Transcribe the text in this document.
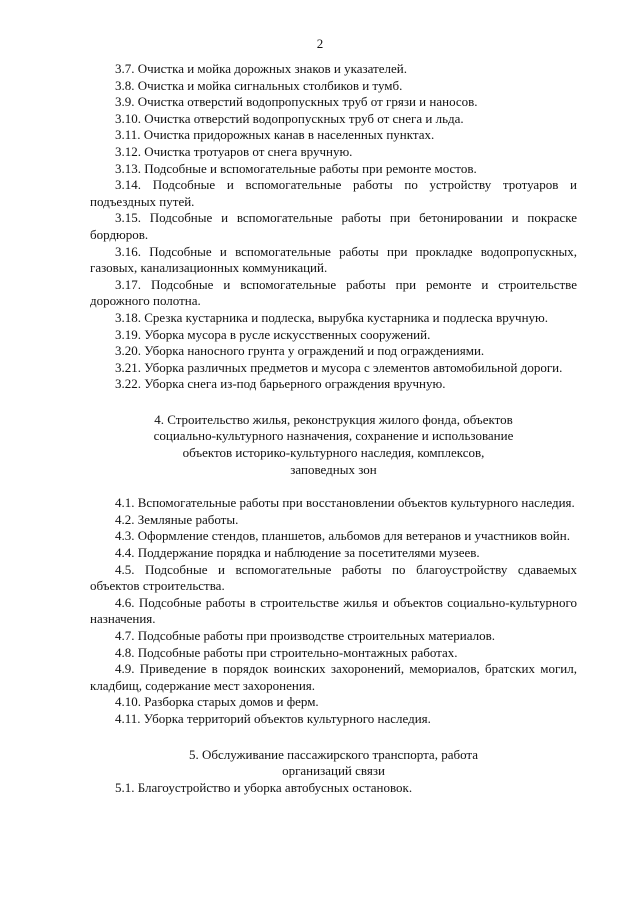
2

3.7. Очистка и мойка дорожных знаков и указателей.

3.8. Очистка и мойка сигнальных столбиков и тумб.

3.9. Очистка отверстий водопропускных труб от грязи и наносов.

3.10. Очистка отверстий водопропускных труб от снега и льда.

3.11. Очистка придорожных канав в населенных пунктах.

3.12. Очистка тротуаров от снега вручную.

3.13. Подсобные и вспомогательные работы при ремонте мостов.

3.14. Подсобные и вспомогательные работы по устройству тротуаров и подъездных путей.

3.15. Подсобные и вспомогательные работы при бетонировании и покраске бордюров.

3.16. Подсобные и вспомогательные работы при прокладке водопропускных, газовых, канализационных коммуникаций.

3.17. Подсобные и вспомогательные работы при ремонте и строительстве дорожного полотна.

3.18. Срезка кустарника и подлеска, вырубка кустарника и подлеска вручную.

3.19. Уборка мусора в русле искусственных сооружений.

3.20. Уборка наносного грунта у ограждений и под ограждениями.

3.21. Уборка различных предметов и мусора с элементов автомобильной дороги.

3.22. Уборка снега из-под барьерного ограждения вручную.

4. Строительство жилья, реконструкция жилого фонда, объектов
социально-культурного назначения, сохранение и использование
объектов историко-культурного наследия, комплексов,
заповедных зон

4.1. Вспомогательные работы при восстановлении объектов культурного наследия.

4.2. Земляные работы.

4.3. Оформление стендов, планшетов, альбомов для ветеранов и участников войн.

4.4. Поддержание порядка и наблюдение за посетителями музеев.

4.5. Подсобные и вспомогательные работы по благоустройству сдаваемых объектов строительства.

4.6. Подсобные работы в строительстве жилья и объектов социально-культурного назначения.

4.7. Подсобные работы при производстве строительных материалов.

4.8. Подсобные работы при строительно-монтажных работах.

4.9. Приведение в порядок воинских захоронений, мемориалов, братских могил, кладбищ, содержание мест захоронения.

4.10. Разборка старых домов и ферм.

4.11. Уборка территорий объектов культурного наследия.

5. Обслуживание пассажирского транспорта, работа
организаций связи

5.1. Благоустройство и уборка автобусных остановок.
